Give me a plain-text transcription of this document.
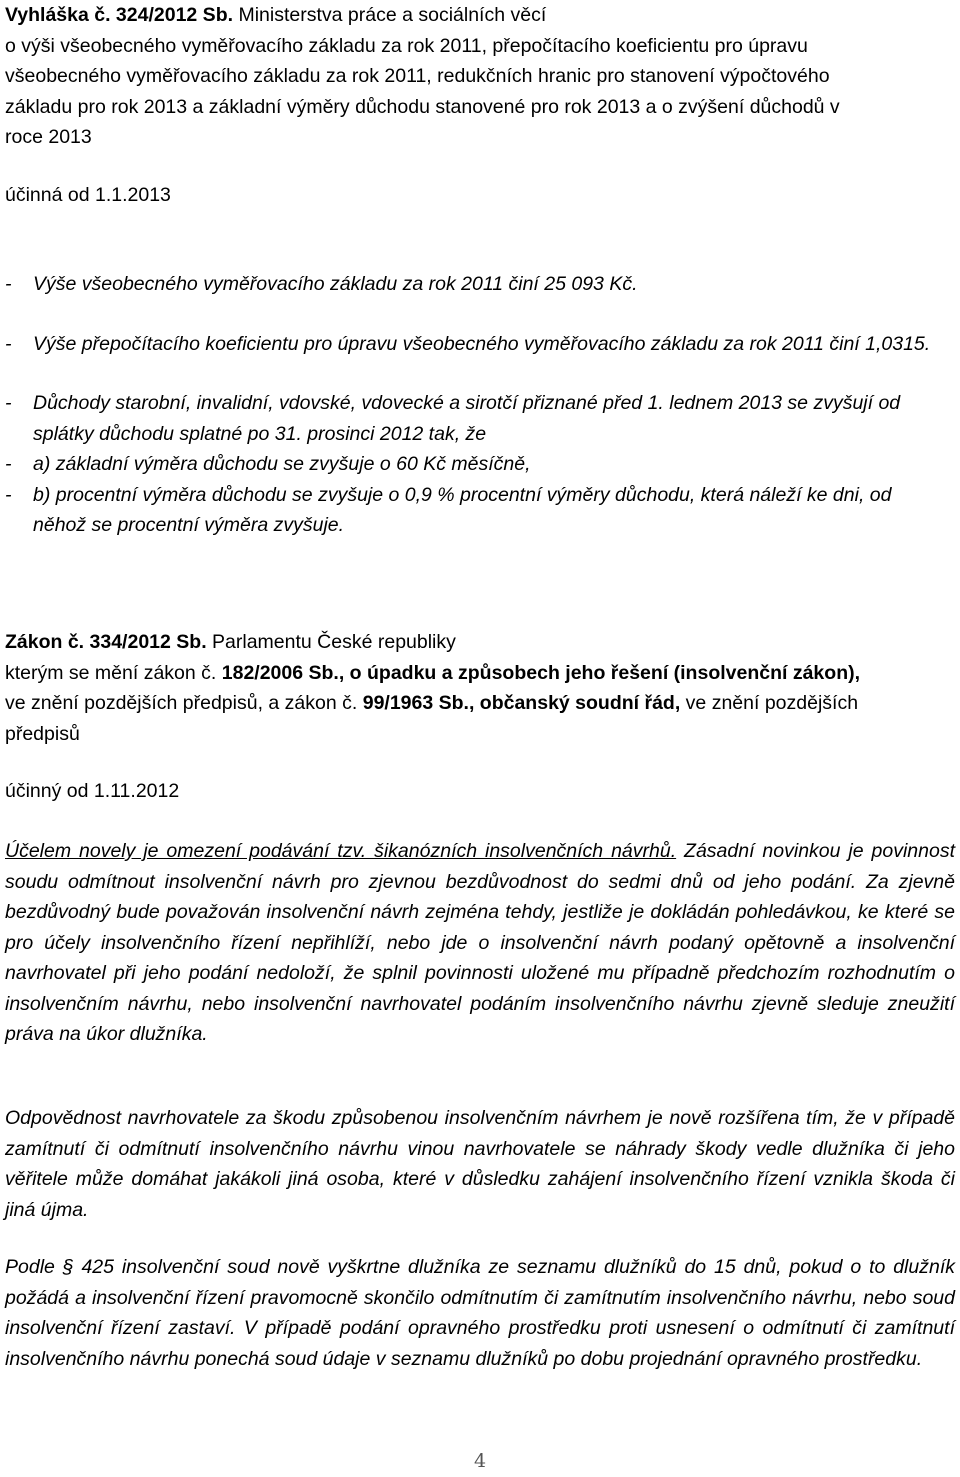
Vyhláška č. 324/2012 Sb. Ministerstva práce a sociálních věcí

o výši všeobecného vyměřovacího základu za rok 2011, přepočítacího koeficientu pro úpravu

všeobecného vyměřovacího základu za rok 2011, redukčních hranic pro stanovení výpočtového

základu pro rok 2013 a základní výměry důchodu stanovené pro rok 2013 a o zvýšení důchodů v

roce 2013

účinná od 1.1.2013

-	Výše všeobecného vyměřovacího základu za rok 2011 činí 25 093 Kč.
-	Výše přepočítacího koeficientu pro úpravu všeobecného vyměřovacího základu za rok 2011 činí 1,0315.
-	Důchody starobní, invalidní, vdovské, vdovecké a sirotčí přiznané před 1. lednem 2013 se zvyšují od splátky důchodu splatné po 31. prosinci 2012 tak, že
-	a) základní výměra důchodu se zvyšuje o 60 Kč měsíčně,
-	b) procentní výměra důchodu se zvyšuje o 0,9 % procentní výměry důchodu, která náleží ke dni, od něhož se procentní výměra zvyšuje.

Zákon č. 334/2012 Sb. Parlamentu České republiky

kterým se mění zákon č. 182/2006 Sb., o úpadku a způsobech jeho řešení (insolvenční zákon),

ve znění pozdějších předpisů, a zákon č. 99/1963 Sb., občanský soudní řád, ve znění pozdějších

předpisů

účinný od 1.11.2012

Účelem novely je omezení podávání tzv. šikanózních insolvenčních návrhů. Zásadní novinkou je povinnost soudu odmítnout insolvenční návrh pro zjevnou bezdůvodnost do sedmi dnů od jeho podání. Za zjevně bezdůvodný bude považován insolvenční návrh zejména tehdy, jestliže je dokládán pohledávkou, ke které se pro účely insolvenčního řízení nepřihlíží, nebo jde o insolvenční návrh podaný opětovně a insolvenční navrhovatel při jeho podání nedoloží, že splnil povinnosti uložené mu případně předchozím rozhodnutím o insolvenčním návrhu, nebo insolvenční navrhovatel podáním insolvenčního návrhu zjevně sleduje zneužití práva na úkor dlužníka.

Odpovědnost navrhovatele za škodu způsobenou insolvenčním návrhem je nově rozšířena tím, že v případě zamítnutí či odmítnutí insolvenčního návrhu vinou navrhovatele se náhrady škody vedle dlužníka či jeho věřitele může domáhat jakákoli jiná osoba, které v důsledku zahájení insolvenčního řízení vznikla škoda či jiná újma.

Podle § 425 insolvenční soud nově vyškrtne dlužníka ze seznamu dlužníků do 15 dnů, pokud o to dlužník požádá a insolvenční řízení pravomocně skončilo odmítnutím či zamítnutím insolvenčního návrhu, nebo soud insolvenční řízení zastaví. V případě podání opravného prostředku proti usnesení o odmítnutí či zamítnutí insolvenčního návrhu ponechá soud údaje v seznamu dlužníků po dobu projednání opravného prostředku.

4
